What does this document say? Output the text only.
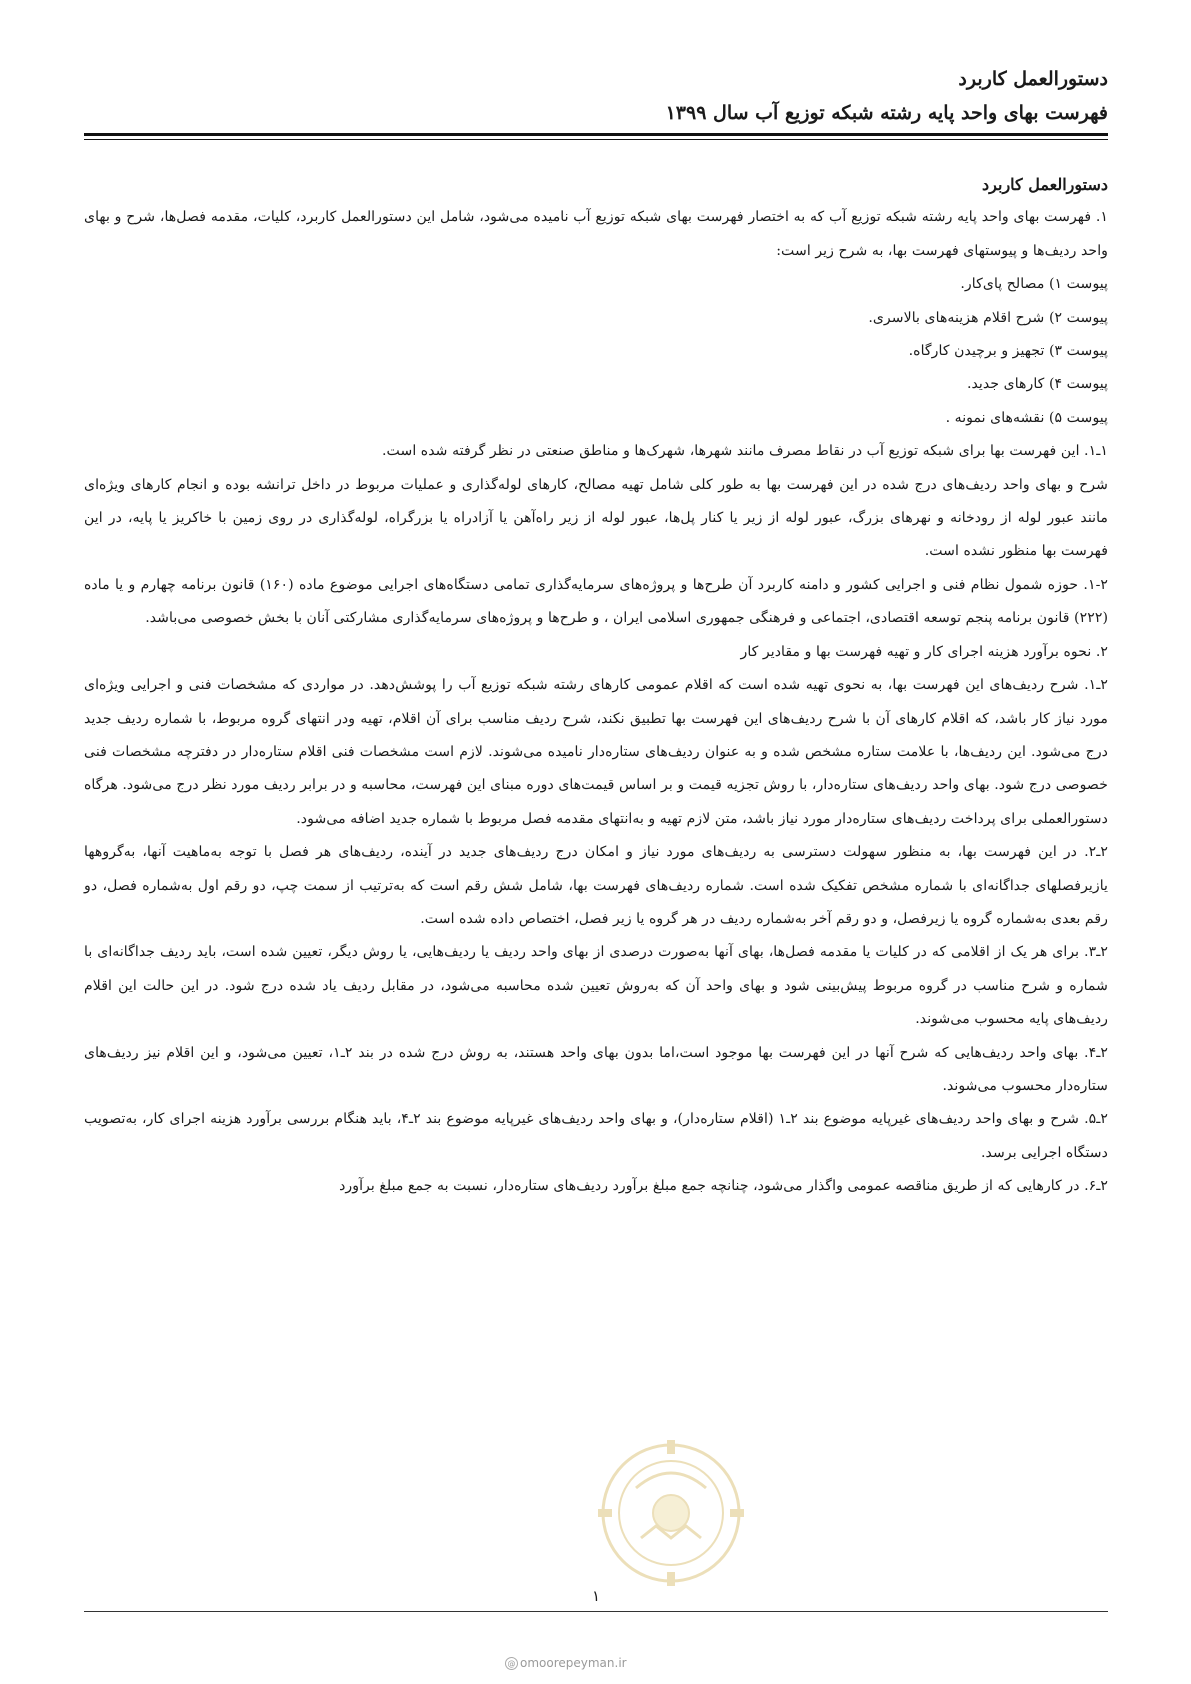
دستورالعمل کاربرد
فهرست بهای واحد پایه رشته شبکه توزیع آب سال ۱۳۹۹

دستورالعمل کاربرد

۱. فهرست بهای واحد پایه رشته شبکه توزیع آب که به اختصار فهرست بهای شبکه توزیع آب نامیده می‌شود، شامل این دستورالعمل کاربرد، کلیات، مقدمه فصل‌ها، شرح و بهای واحد ردیف‌ها و پیوستهای فهرست بها، به شرح زیر است:

پیوست ۱) مصالح پای‌کار.

پیوست ۲) شرح اقلام هزینه‌های بالاسری.

پیوست ۳) تجهیز و برچیدن کارگاه.

پیوست ۴) کارهای جدید.

پیوست ۵) نقشه‌های نمونه .

۱ـ۱. این فهرست بها برای شبکه توزیع آب در نقاط مصرف مانند شهرها، شهرک‌ها و مناطق صنعتی در نظر گرفته شده است.

شرح و بهای واحد ردیف‌های درج شده در این فهرست بها به طور کلی شامل تهیه مصالح، کارهای لوله‌گذاری و عملیات مربوط در داخل ترانشه بوده و انجام کارهای ویژه‌ای مانند عبور لوله از رودخانه و نهرهای بزرگ، عبور لوله از زیر یا کنار پل‌ها، عبور لوله از زیر راه‌آهن یا آزادراه یا بزرگراه، لوله‌گذاری در روی زمین با خاکریز یا پایه، در این فهرست بها منظور نشده است.

۱-۲. حوزه شمول نظام فنی و اجرایی کشور و دامنه کاربرد آن طرح‌ها و پروژه‌های سرمایه‌گذاری تمامی دستگاه‌های اجرایی موضوع ماده (۱۶۰) قانون برنامه چهارم و یا ماده (۲۲۲) قانون برنامه پنجم توسعه اقتصادی، اجتماعی و فرهنگی جمهوری اسلامی ایران ، و طرح‌ها و پروژه‌های سرمایه‌گذاری مشارکتی آنان با بخش خصوصی می‌باشد.

۲. نحوه برآورد هزینه اجرای کار و تهیه فهرست بها و مقادیر کار

۲ـ۱. شرح ردیف‌های این فهرست بها، به نحوی تهیه شده است که اقلام عمومی کارهای رشته شبکه توزیع آب را پوشش‌دهد. در مواردی که مشخصات فنی و اجرایی ویژه‌ای مورد نیاز کار باشد، که اقلام کارهای آن با شرح ردیف‌های این فهرست بها تطبیق نکند، شرح ردیف مناسب برای آن اقلام، تهیه ودر انتهای گروه مربوط، با شماره ردیف جدید درج می‌شود. این ردیف‌ها، با علامت ستاره مشخص شده و به عنوان ردیف‌های ستاره‌دار نامیده می‌شوند. لازم است مشخصات فنی اقلام ستاره‌دار در دفترچه مشخصات فنی خصوصی درج شود. بهای واحد ردیف‌های ستاره‌دار، با روش تجزیه قیمت و بر اساس قیمت‌های دوره مبنای این فهرست، محاسبه و در برابر ردیف مورد نظر درج می‌شود. هرگاه دستورالعملی برای پرداخت ردیف‌های ستاره‌دار مورد نیاز باشد، متن لازم تهیه و به‌انتهای مقدمه فصل مربوط با شماره جدید اضافه می‌شود.

۲ـ۲. در این فهرست بها، به منظور سهولت دسترسی به ردیف‌های مورد نیاز و امکان درج ردیف‌های جدید در آینده، ردیف‌های هر فصل با توجه به‌ماهیت آنها، به‌گروهها یازیرفصلهای جداگانه‌ای با شماره مشخص تفکیک شده است. شماره ردیف‌های فهرست بها، شامل شش رقم است که به‌ترتیب از سمت چپ، دو رقم اول به‌شماره فصل، دو رقم بعدی به‌شماره گروه یا زیرفصل، و دو رقم آخر به‌شماره ردیف در هر گروه یا زیر فصل، اختصاص داده شده است.

۲ـ۳. برای هر یک از اقلامی که در کلیات یا مقدمه فصل‌ها، بهای آنها به‌صورت درصدی از بهای واحد ردیف یا ردیف‌هایی، یا روش دیگر، تعیین شده است، باید ردیف جداگانه‌ای با شماره و شرح مناسب در گروه مربوط پیش‌بینی شود و بهای واحد آن که به‌روش تعیین شده محاسبه می‌شود، در مقابل ردیف یاد شده درج شود. در این حالت این اقلام ردیف‌های پایه محسوب می‌شوند.

۲ـ۴. بهای واحد ردیف‌هایی که شرح آنها در این فهرست بها موجود است،اما بدون بهای واحد هستند، به روش درج شده در بند ۲ـ۱، تعیین می‌شود، و این اقلام نیز ردیف‌های ستاره‌دار محسوب می‌شوند.

۲ـ۵. شرح و بهای واحد ردیف‌های غیرپایه موضوع بند ۲ـ۱ (اقلام ستاره‌دار)، و بهای واحد ردیف‌های غیرپایه موضوع بند ۲ـ۴، باید هنگام بررسی برآورد هزینه اجرای کار، به‌تصویب دستگاه اجرایی برسد.

۲ـ۶. در کارهایی که از طریق مناقصه عمومی واگذار می‌شود، چنانچه جمع مبلغ برآورد ردیف‌های ستاره‌دار، نسبت به جمع مبلغ برآورد

۱
@ omoorepeyman.ir
